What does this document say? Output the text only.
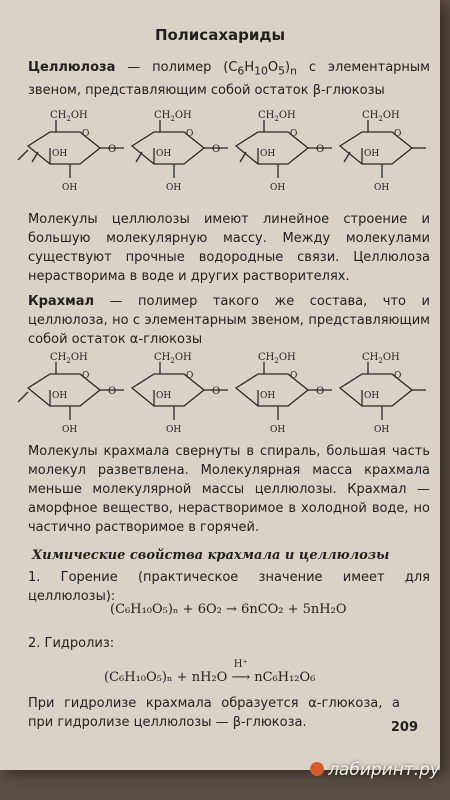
Полисахариды
Целлюлоза — полимер $(C_6H_{10}O_5)_n$ с элементарным звеном, представляющим собой остаток β-глюкозы
O
$CH_2OH$
OH
OH
O
O
$CH_2OH$
OH
OH
O
O
$CH_2OH$
OH
OH
O
O
$CH_2OH$
OH
OH
Молекулы целлюлозы имеют линейное строение и большую молекулярную массу. Между молекулами существуют прочные водородные связи. Целлюлоза нерастворима в воде и других растворителях.
Крахмал — полимер такого же состава, что и целлюлоза, но с элементарным звеном, представляющим собой остаток α-глюкозы
O
$CH_2OH$
OH
OH
O
O
$CH_2OH$
OH
OH
O
O
$CH_2OH$
OH
OH
O
O
$CH_2OH$
OH
OH
Молекулы крахмала свернуты в спираль, большая часть молекул разветвлена. Молекулярная масса крахмала меньше молекулярной массы целлюлозы. Крахмал — аморфное вещество, нерастворимое в холодной воде, но частично растворимое в горячей.
Химические свойства крахмала и целлюлозы
1. Горение (практическое значение имеет для целлюлозы):
(C₆H₁₀O₅)ₙ + 6O₂ → 6nCO₂ + 5nH₂O
2. Гидролиз:
(C₆H₁₀O₅)ₙ + nH₂O
H⁺
⟶ nC₆H₁₂O₆
При гидролизе крахмала образуется α-глюкоза, а при гидролизе целлюлозы — β-глюкоза.	209
лабиринт.ру
